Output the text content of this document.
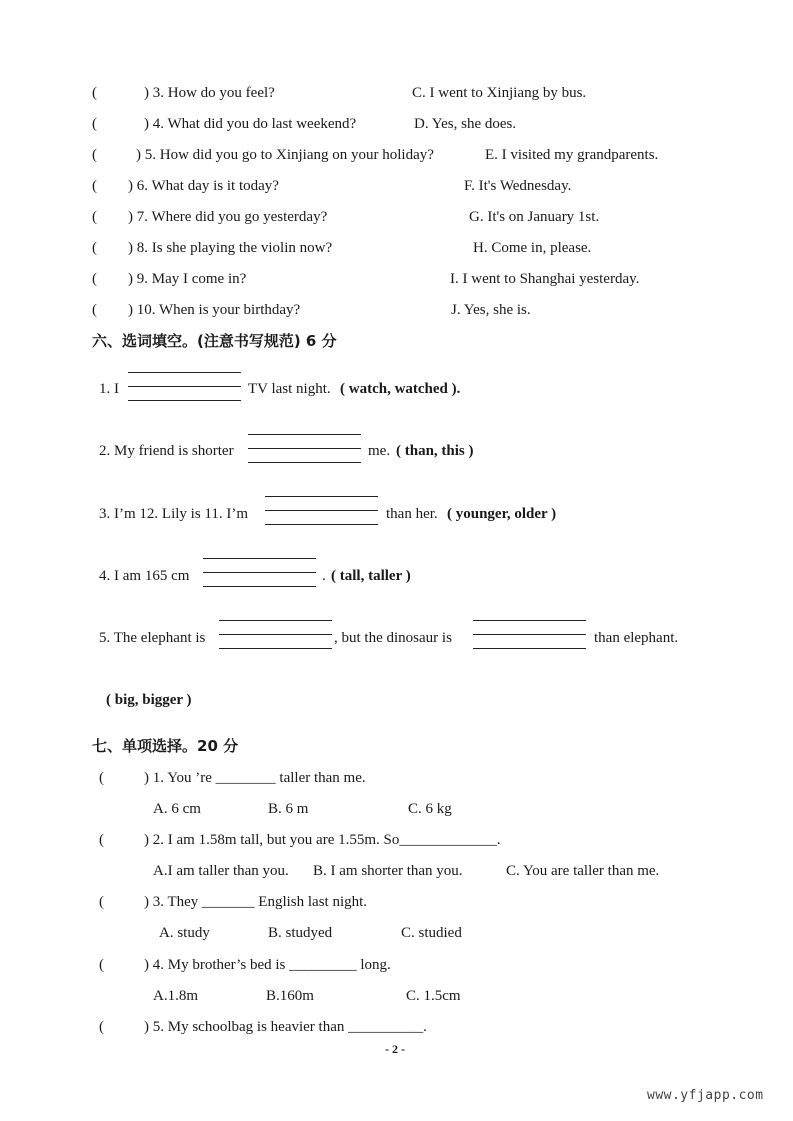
(	) 3. How do you feel?	C. I went to Xinjiang by bus.
(	) 4. What did you do last weekend?	D. Yes, she does.
(	) 5. How did you go to Xinjiang on your holiday?	E. I visited my grandparents.
( ) 6. What day is it today?	F. It's Wednesday.
( ) 7. Where did you go yesterday?	G. It's on January 1st.
( ) 8. Is she playing the violin now?	H. Come in, please.
( ) 9. May I come in?	I. I went to Shanghai yesterday.
( ) 10. When is your birthday?	J. Yes, she is.
六、选词填空。(注意书写规范) 6 分
1. I	TV last night. ( watch, watched ).
2. My friend is shorter	me. ( than, this )
3. I’m 12. Lily is 11. I’m	than her. ( younger, older )
4. I am 165 cm	. ( tall, taller )
5. The elephant is	, but the dinosaur is	than elephant.
( big, bigger )
七、单项选择。20 分
(	) 1. You ’re ________ taller than me.
A. 6 cm	B. 6 m	C. 6 kg
(	) 2. I am 1.58m tall, but you are 1.55m. So_____________.
A.I am taller than you. B. I am shorter than you.	C. You are taller than me.
(	) 3. They _______ English last night.
A. study	B. studyed	C. studied
(	) 4. My brother’s bed is _________ long.
A.1.8m	B.160m	C. 1.5cm
(	) 5. My schoolbag is heavier than __________.
- 2 -
www.yfjapp.com
